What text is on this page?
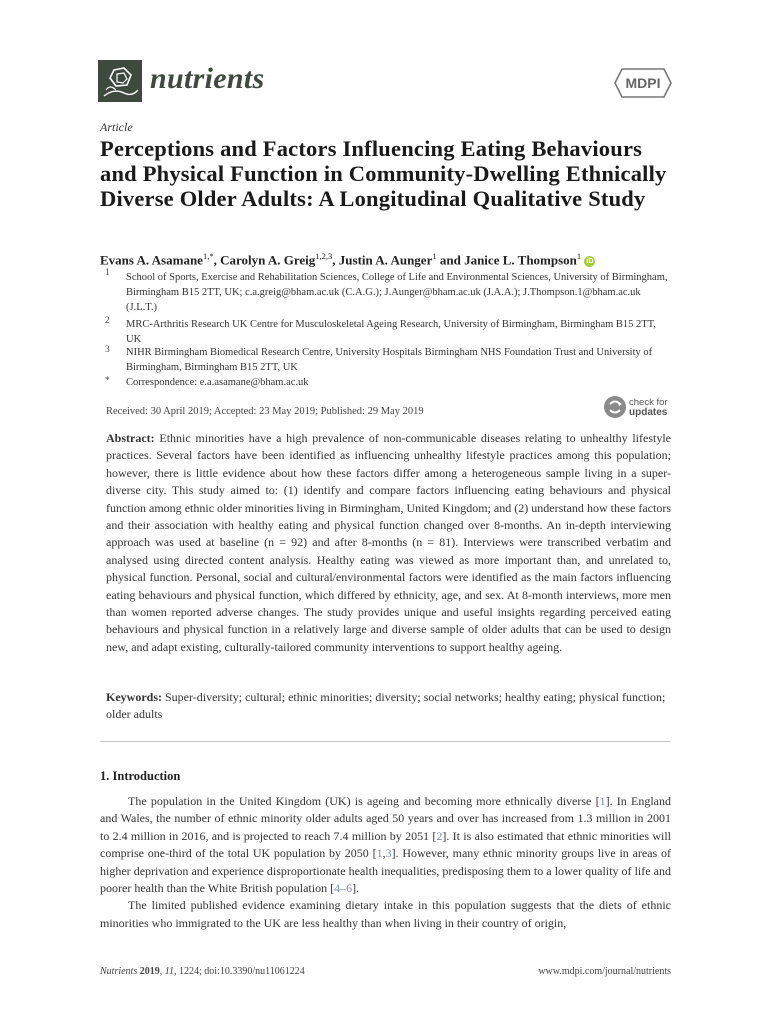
nutrients	MDPI
Article
Perceptions and Factors Influencing Eating Behaviours and Physical Function in Community-Dwelling Ethnically Diverse Older Adults: A Longitudinal Qualitative Study
Evans A. Asamane$^{1,*}$, Carolyn A. Greig$^{1,2,3}$, Justin A. Aunger$^1$ and Janice L. Thompson$^1$ iD
1 School of Sports, Exercise and Rehabilitation Sciences, College of Life and Environmental Sciences, University of Birmingham, Birmingham B15 2TT, UK; c.a.greig@bham.ac.uk (C.A.G.); J.Aunger@bham.ac.uk (J.A.A.); J.Thompson.1@bham.ac.uk (J.L.T.)
2 MRC-Arthritis Research UK Centre for Musculoskeletal Ageing Research, University of Birmingham, Birmingham B15 2TT, UK
3 NIHR Birmingham Biomedical Research Centre, University Hospitals Birmingham NHS Foundation Trust and University of Birmingham, Birmingham B15 2TT, UK
* Correspondence: e.a.asamane@bham.ac.uk
Received: 30 April 2019; Accepted: 23 May 2019; Published: 29 May 2019
check for
updates
Abstract: Ethnic minorities have a high prevalence of non-communicable diseases relating to unhealthy lifestyle practices. Several factors have been identified as influencing unhealthy lifestyle practices among this population; however, there is little evidence about how these factors differ among a heterogeneous sample living in a super-diverse city. This study aimed to: (1) identify and compare factors influencing eating behaviours and physical function among ethnic older minorities living in Birmingham, United Kingdom; and (2) understand how these factors and their association with healthy eating and physical function changed over 8-months. An in-depth interviewing approach was used at baseline (n = 92) and after 8-months (n = 81). Interviews were transcribed verbatim and analysed using directed content analysis. Healthy eating was viewed as more important than, and unrelated to, physical function. Personal, social and cultural/environmental factors were identified as the main factors influencing eating behaviours and physical function, which differed by ethnicity, age, and sex. At 8-month interviews, more men than women reported adverse changes. The study provides unique and useful insights regarding perceived eating behaviours and physical function in a relatively large and diverse sample of older adults that can be used to design new, and adapt existing, culturally-tailored community interventions to support healthy ageing.
Keywords: Super-diversity; cultural; ethnic minorities; diversity; social networks; healthy eating; physical function; older adults
1. Introduction

The population in the United Kingdom (UK) is ageing and becoming more ethnically diverse [1]. In England and Wales, the number of ethnic minority older adults aged 50 years and over has increased from 1.3 million in 2001 to 2.4 million in 2016, and is projected to reach 7.4 million by 2051 [2]. It is also estimated that ethnic minorities will comprise one-third of the total UK population by 2050 [1,3]. However, many ethnic minority groups live in areas of higher deprivation and experience disproportionate health inequalities, predisposing them to a lower quality of life and poorer health than the White British population [4–6].

The limited published evidence examining dietary intake in this population suggests that the diets of ethnic minorities who immigrated to the UK are less healthy than when living in their country of origin,

Nutrients 2019, 11, 1224; doi:10.3390/nu11061224	www.mdpi.com/journal/nutrients
